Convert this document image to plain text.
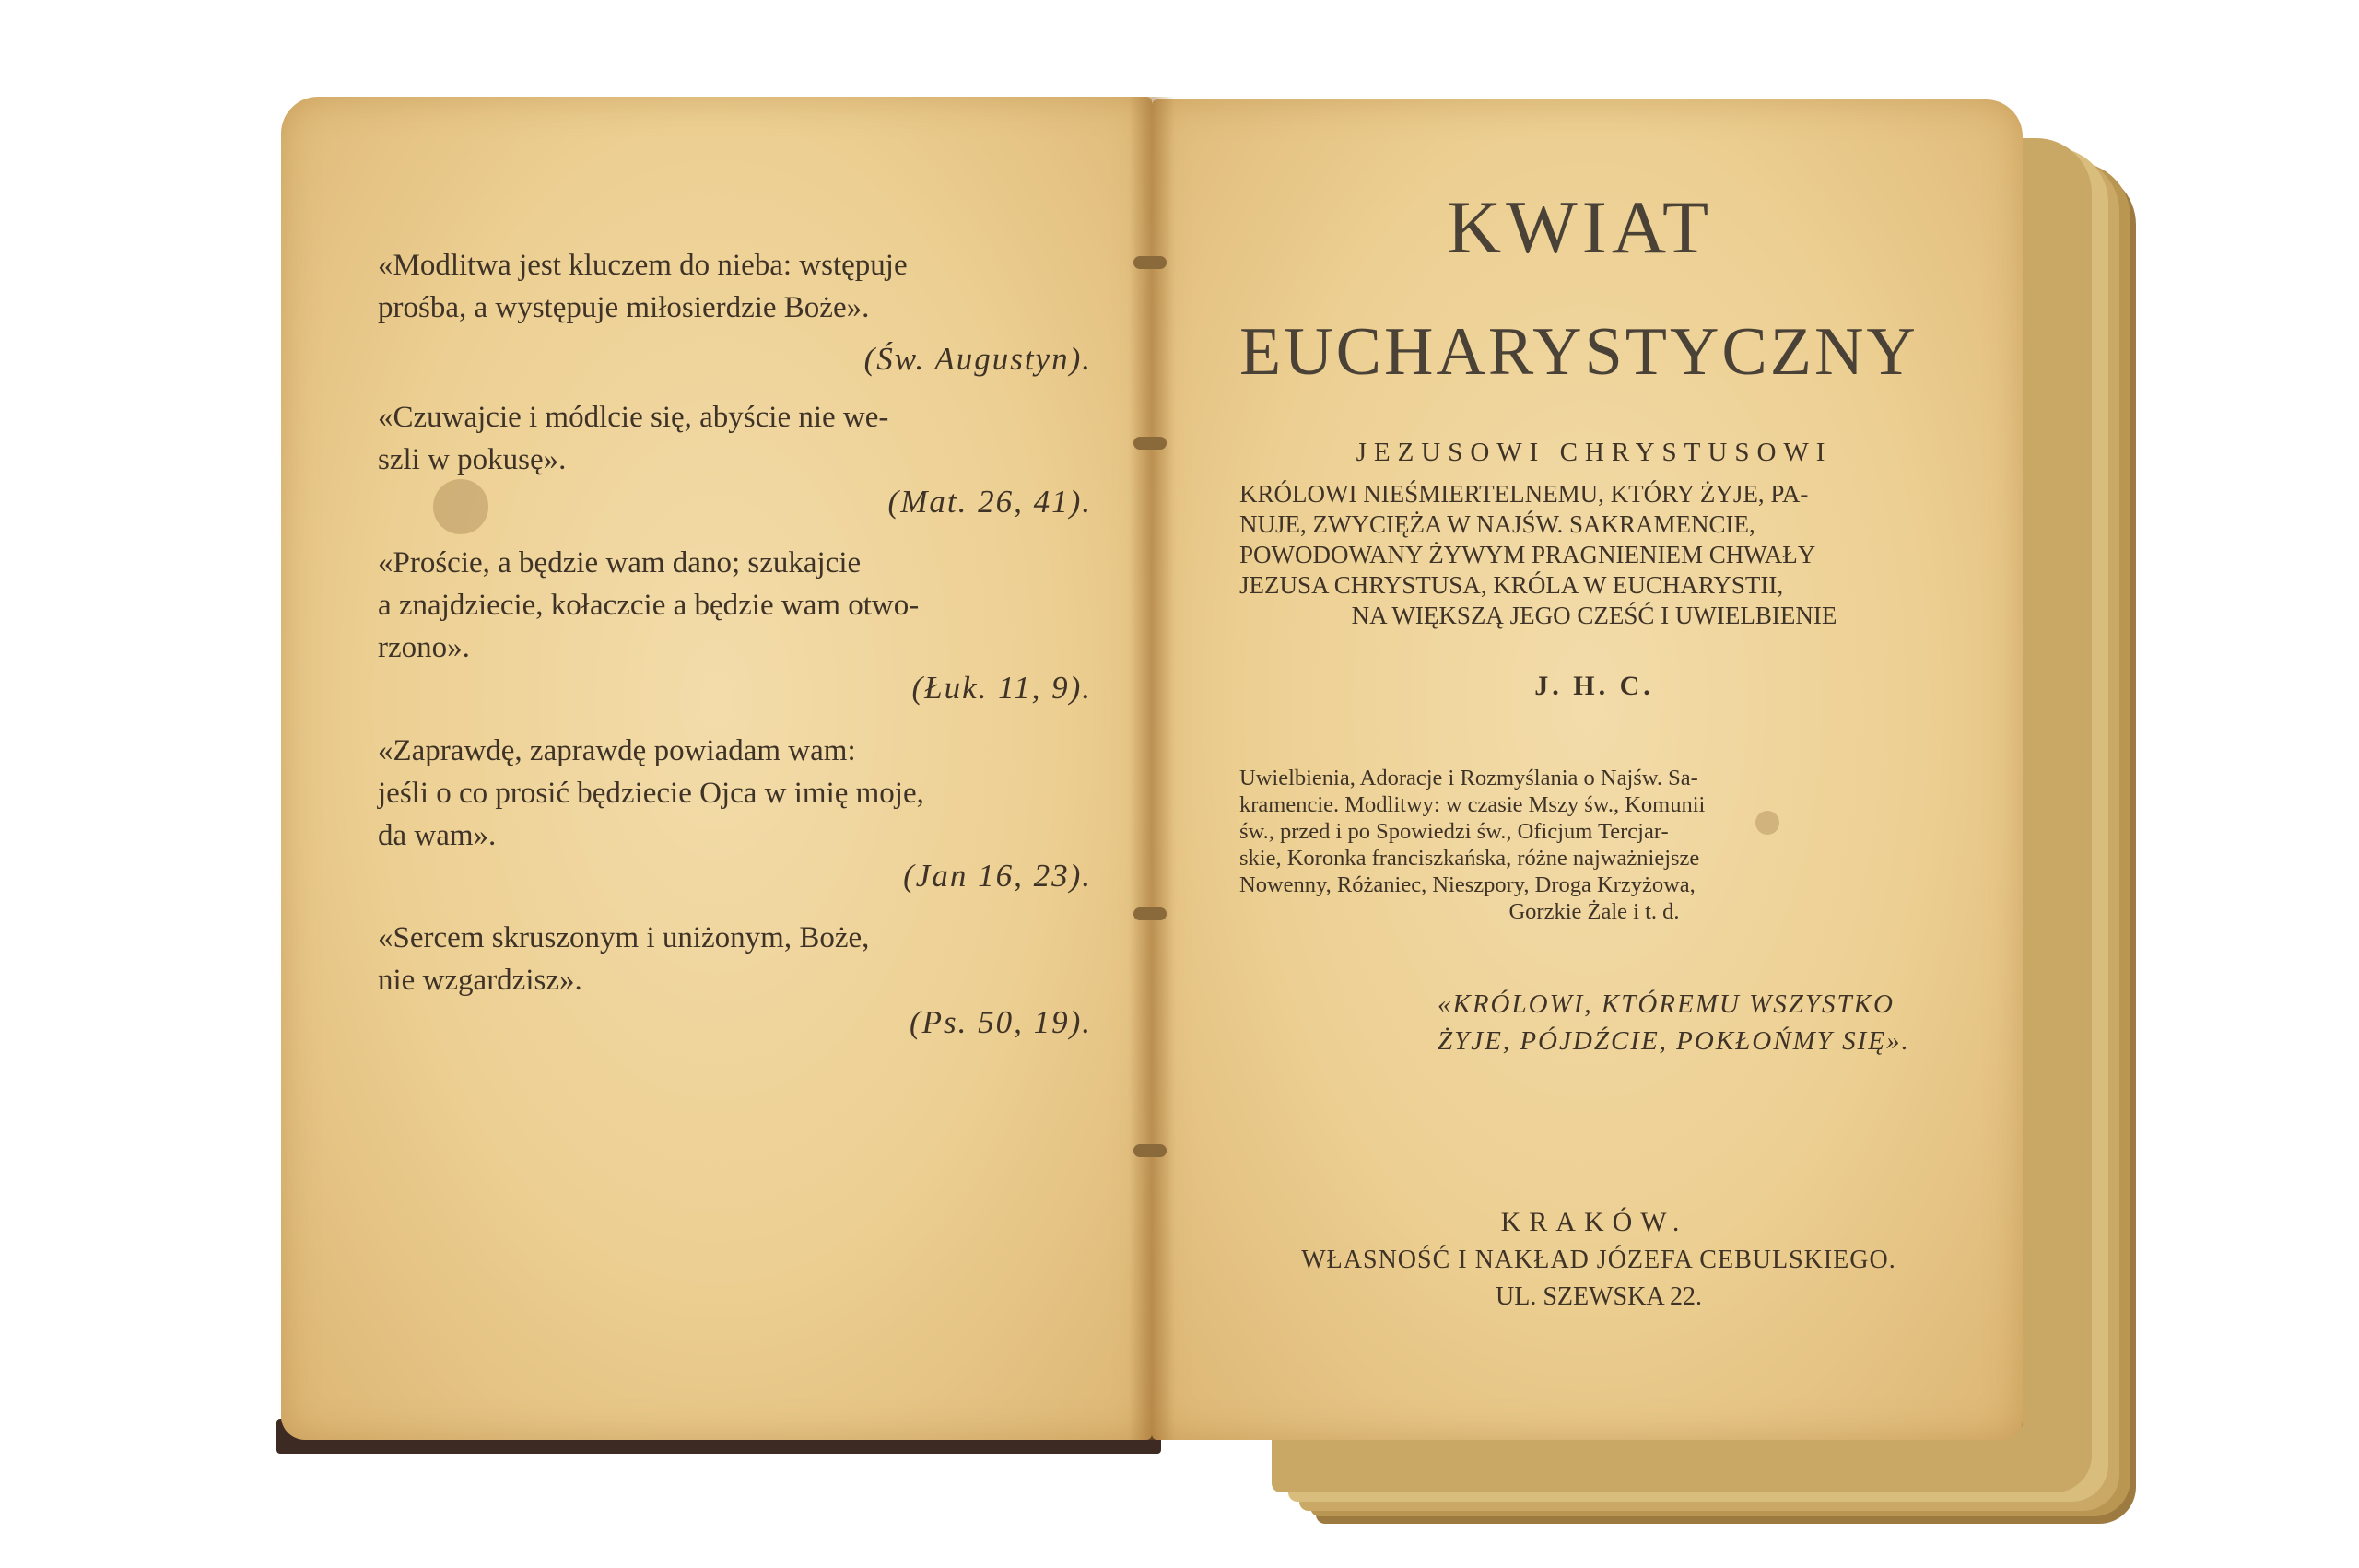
«Modlitwa jest kluczem do nieba: wstępuje
prośba, a występuje miłosierdzie Boże».
(Św. Augustyn).
«Czuwajcie i módlcie się, abyście nie we-
szli w pokusę».
(Mat. 26, 41).
«Proście, a będzie wam dano; szukajcie
a znajdziecie, kołaczcie a będzie wam otwo-
rzono».
(Łuk. 11, 9).
«Zaprawdę, zaprawdę powiadam wam:
jeśli o co prosić będziecie Ojca w imię moje,
da wam».
(Jan 16, 23).
«Sercem skruszonym i uniżonym, Boże,
nie wzgardzisz».
(Ps. 50, 19).
KWIAT
EUCHARYSTYCZNY
JEZUSOWI CHRYSTUSOWI
KRÓLOWI NIEŚMIERTELNEMU, KTÓRY ŻYJE, PA-
NUJE, ZWYCIĘŻA W NAJŚW. SAKRAMENCIE,
POWODOWANY ŻYWYM PRAGNIENIEM CHWAŁY
JEZUSA CHRYSTUSA, KRÓLA W EUCHARYSTII,
NA WIĘKSZĄ JEGO CZEŚĆ I UWIELBIENIE
J. H. C.
Uwielbienia, Adoracje i Rozmyślania o Najśw. Sa-
kramencie. Modlitwy: w czasie Mszy św., Komunii
św., przed i po Spowiedzi św., Oficjum Tercjar-
skie, Koronka franciszkańska, różne najważniejsze
Nowenny, Różaniec, Nieszpory, Droga Krzyżowa,
Gorzkie Żale i t. d.
«KRÓLOWI, KTÓREMU WSZYSTKO
ŻYJE, PÓJDŹCIE, POKŁOŃMY SIĘ».
KRAKÓW.
WŁASNOŚĆ I NAKŁAD JÓZEFA CEBULSKIEGO.
UL. SZEWSKA 22.
